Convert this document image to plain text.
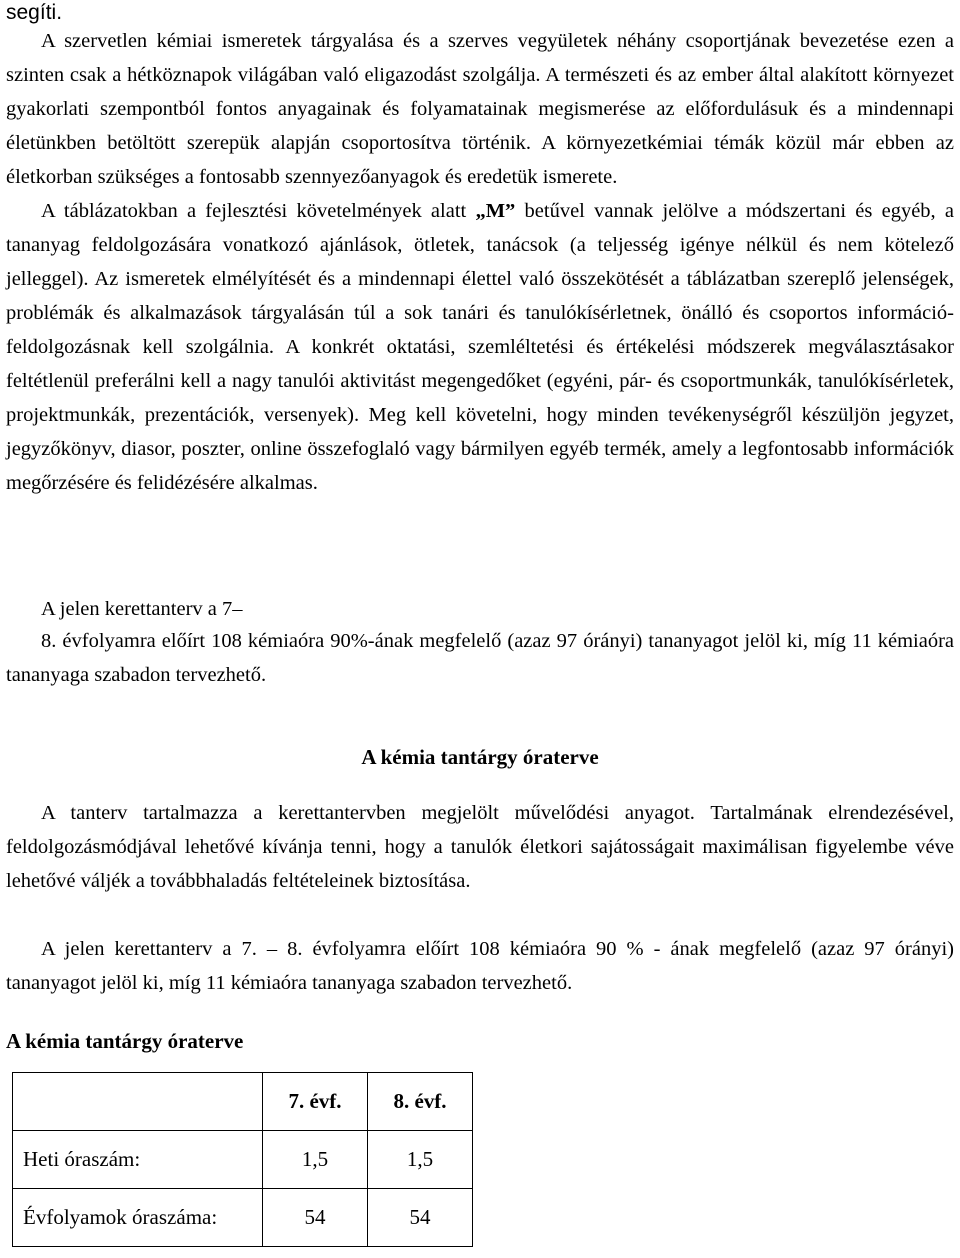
segíti.

A szervetlen kémiai ismeretek tárgyalása és a szerves vegyületek néhány csoportjának bevezetése ezen a szinten csak a hétköznapok világában való eligazodást szolgálja. A természeti és az ember által alakított környezet gyakorlati szempontból fontos anyagainak és folyamatainak megismerése az előfordulásuk és a mindennapi életünkben betöltött szerepük alapján csoportosítva történik. A környezetkémiai témák közül már ebben az életkorban szükséges a fontosabb szennyezőanyagok és eredetük ismerete.

A táblázatokban a fejlesztési követelmények alatt „M” betűvel vannak jelölve a módszertani és egyéb, a tananyag feldolgozására vonatkozó ajánlások, ötletek, tanácsok (a teljesség igénye nélkül és nem kötelező jelleggel). Az ismeretek elmélyítését és a mindennapi élettel való összekötését a táblázatban szereplő jelenségek, problémák és alkalmazások tárgyalásán túl a sok tanári és tanulókísérletnek, önálló és csoportos információ-feldolgozásnak kell szolgálnia. A konkrét oktatási, szemléltetési és értékelési módszerek megválasztásakor feltétlenül preferálni kell a nagy tanulói aktivitást megengedőket (egyéni, pár- és csoportmunkák, tanulókísérletek, projektmunkák, prezentációk, versenyek). Meg kell követelni, hogy minden tevékenységről készüljön jegyzet, jegyzőkönyv, diasor, poszter, online összefoglaló vagy bármilyen egyéb termék, amely a legfontosabb információk megőrzésére és felidézésére alkalmas.

A jelen kerettanterv a 7–

8. évfolyamra előírt 108 kémiaóra 90%-ának megfelelő (azaz 97 órányi) tananyagot jelöl ki, míg 11 kémiaóra tananyaga szabadon tervezhető.

A kémia tantárgy óraterve

A tanterv tartalmazza a kerettantervben megjelölt művelődési anyagot. Tartalmának elrendezésével, feldolgozásmódjával lehetővé kívánja tenni, hogy a tanulók életkori sajátosságait maximálisan figyelembe véve lehetővé váljék a továbbhaladás feltételeinek biztosítása.

A jelen kerettanterv a 7. – 8. évfolyamra előírt 108 kémiaóra 90 % - ának megfelelő (azaz 97 órányi) tananyagot jelöl ki, míg 11 kémiaóra tananyaga szabadon tervezhető.

A kémia tantárgy óraterve
	7. évf.	8. évf.
Heti óraszám:	1,5	1,5
Évfolyamok óraszáma:	54	54
